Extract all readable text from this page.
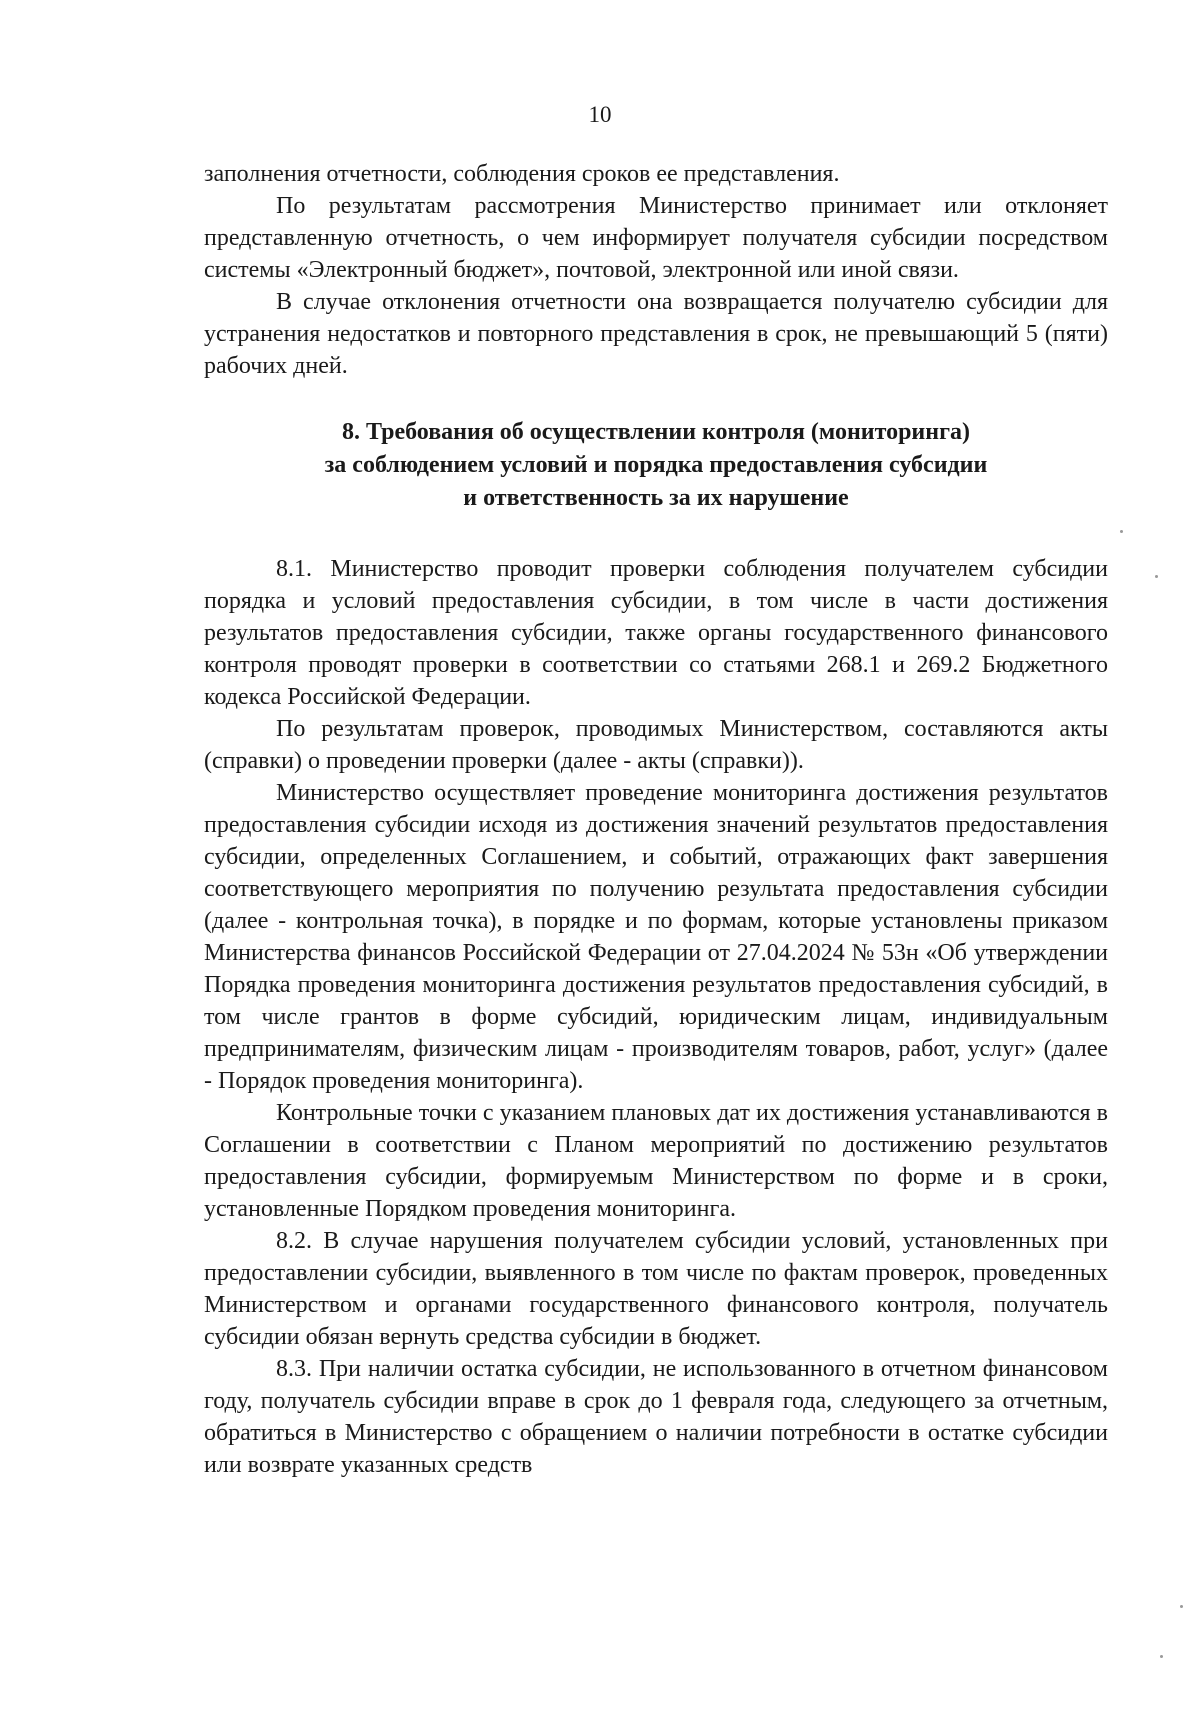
10

заполнения отчетности, соблюдения сроков ее представления.

По результатам рассмотрения Министерство принимает или отклоняет представленную отчетность, о чем информирует получателя субсидии посредством системы «Электронный бюджет», почтовой, электронной или иной связи.

В случае отклонения отчетности она возвращается получателю субсидии для устранения недостатков и повторного представления в срок, не превышающий 5 (пяти) рабочих дней.

8. Требования об осуществлении контроля (мониторинга)
за соблюдением условий и порядка предоставления субсидии
и ответственность за их нарушение

8.1. Министерство проводит проверки соблюдения получателем субсидии порядка и условий предоставления субсидии, в том числе в части достижения результатов предоставления субсидии, также органы государственного финансового контроля проводят проверки в соответствии со статьями 268.1 и 269.2 Бюджетного кодекса Российской Федерации.

По результатам проверок, проводимых Министерством, составляются акты (справки) о проведении проверки (далее - акты (справки)).

Министерство осуществляет проведение мониторинга достижения результатов предоставления субсидии исходя из достижения значений результатов предоставления субсидии, определенных Соглашением, и событий, отражающих факт завершения соответствующего мероприятия по получению результата предоставления субсидии (далее - контрольная точка), в порядке и по формам, которые установлены приказом Министерства финансов Российской Федерации от 27.04.2024 № 53н «Об утверждении Порядка проведения мониторинга достижения результатов предоставления субсидий, в том числе грантов в форме субсидий, юридическим лицам, индивидуальным предпринимателям, физическим лицам - производителям товаров, работ, услуг» (далее - Порядок проведения мониторинга).

Контрольные точки с указанием плановых дат их достижения устанавливаются в Соглашении в соответствии с Планом мероприятий по достижению результатов предоставления субсидии, формируемым Министерством по форме и в сроки, установленные Порядком проведения мониторинга.

8.2. В случае нарушения получателем субсидии условий, установленных при предоставлении субсидии, выявленного в том числе по фактам проверок, проведенных Министерством и органами государственного финансового контроля, получатель субсидии обязан вернуть средства субсидии в бюджет.

8.3. При наличии остатка субсидии, не использованного в отчетном финансовом году, получатель субсидии вправе в срок до 1 февраля года, следующего за отчетным, обратиться в Министерство с обращением о наличии потребности в остатке субсидии или возврате указанных средств
